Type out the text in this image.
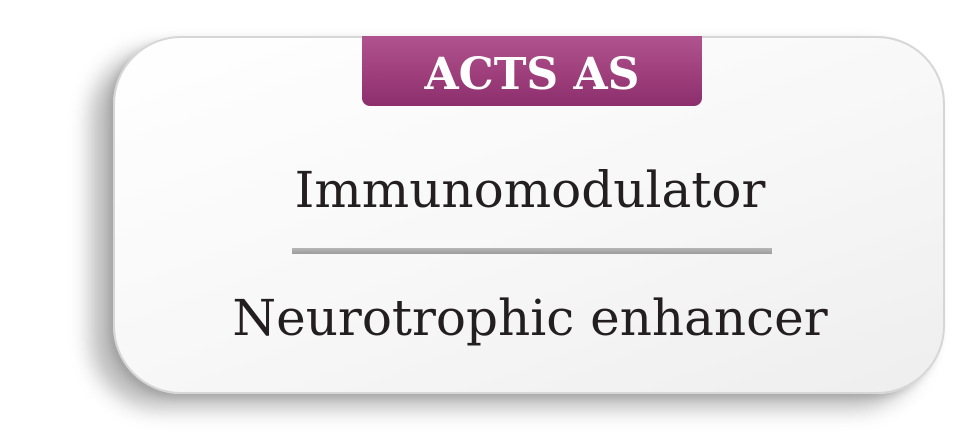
ACTS AS
Immunomodulator
Neurotrophic enhancer
